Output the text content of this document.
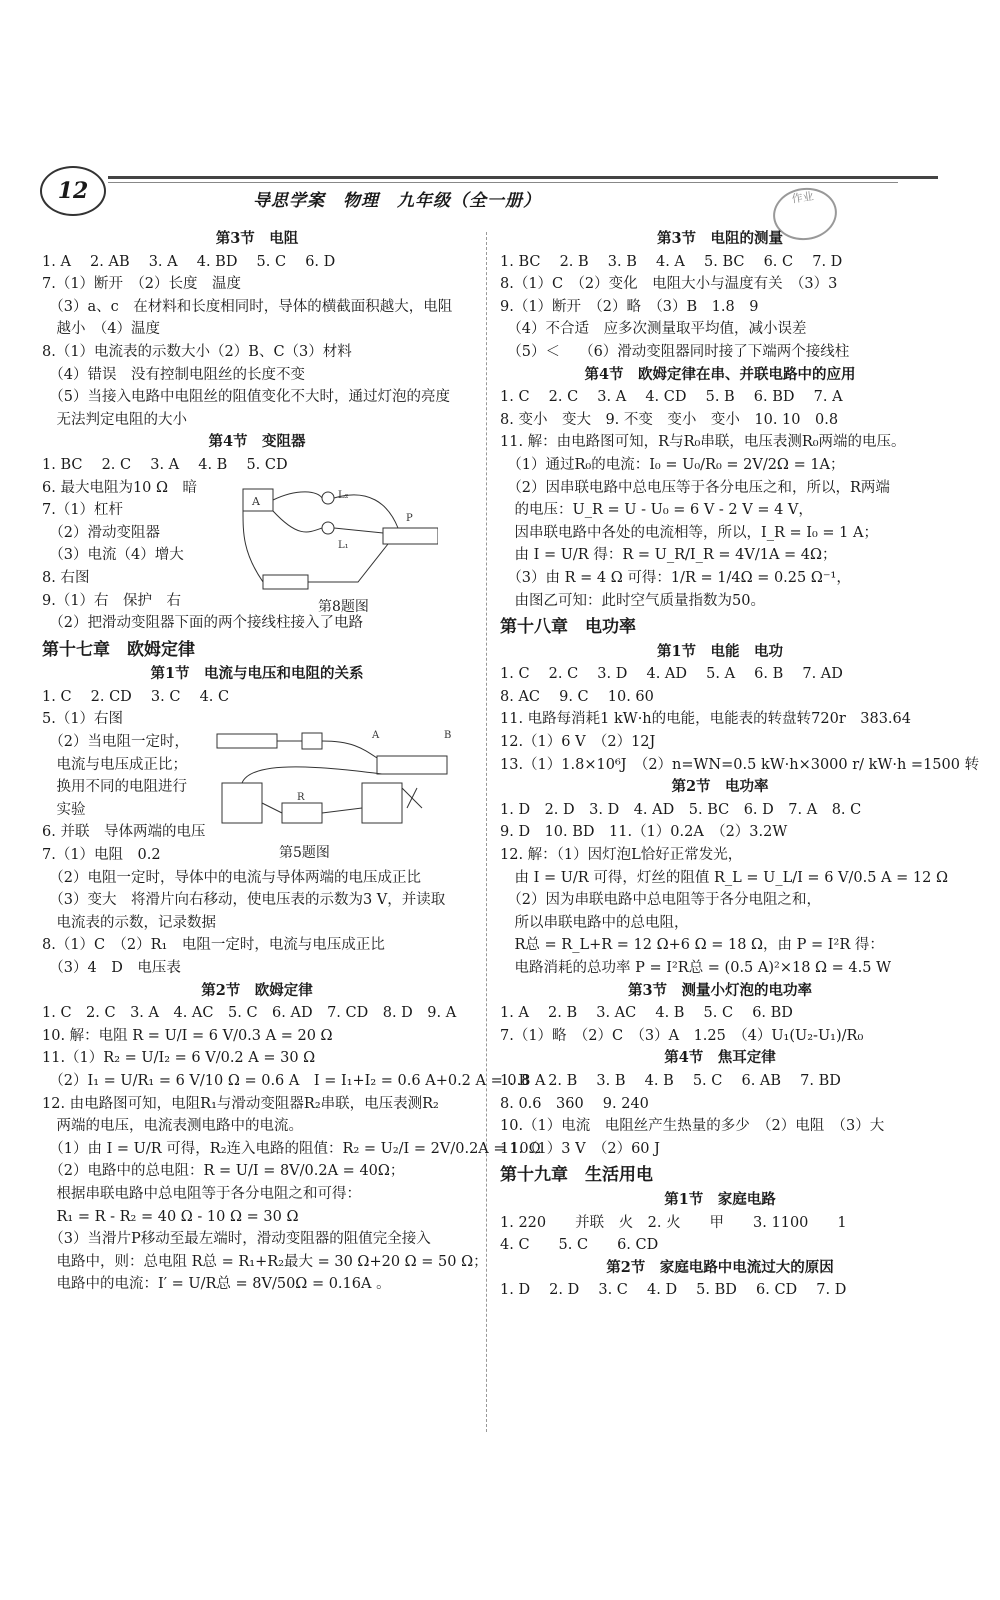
12	导思学案　物理　九年级（全一册）	作业
第3节　电阻
1. A　 2. AB　 3. A　 4. BD　 5. C　 6. D
7.（1）断开　（2）长度　温度
　（3）a、c　在材料和长度相同时，导体的横截面积越大，电阻
　越小　（4）温度
8.（1）电流表的示数大小（2）B、C（3）材料
　（4）错误　没有控制电阻丝的长度不变
　（5）当接入电路中电阻丝的阻值变化不大时，通过灯泡的亮度
　无法判定电阻的大小
第4节　变阻器
1. BC　 2. C　 3. A　 4. B　 5. CD
6. 最大电阻为10 Ω　暗
7.（1）杠杆
　（2）滑动变阻器
　（3）电流（4）增大
8. 右图
9.（1）右　保护　右
　（2）把滑动变阻器下面的两个接线柱接入了电路
第十七章　欧姆定律
第1节　电流与电压和电阻的关系
1. C　 2. CD　 3. C　 4. C
5.（1）右图
　（2）当电阻一定时，
　电流与电压成正比；
　换用不同的电阻进行
　实验
6. 并联　导体两端的电压
7.（1）电阻　0.2
　（2）电阻一定时，导体中的电流与导体两端的电压成正比
　（3）变大　将滑片向右移动，使电压表的示数为3 V，并读取
　电流表的示数，记录数据
8.（1）C　（2）R₁　电阻一定时，电流与电压成正比
　（3）4　D　电压表
第2节　欧姆定律
1. C　2. C　3. A　4. AC　5. C　6. AD　7. CD　8. D　9. A
10. 解：电阻 R = U/I = 6 V/0.3 A = 20 Ω
11.（1）R₂ = U/I₂ = 6 V/0.2 A = 30 Ω
　（2）I₁ = U/R₁ = 6 V/10 Ω = 0.6 A　I = I₁+I₂ = 0.6 A+0.2 A = 0.8 A
12. 由电路图可知，电阻R₁与滑动变阻器R₂串联，电压表测R₂
　两端的电压，电流表测电路中的电流。
　（1）由 I = U/R 可得，R₂连入电路的阻值：R₂ = U₂/I = 2V/0.2A = 10Ω
　（2）电路中的总电阻：R = U/I = 8V/0.2A = 40Ω；
　根据串联电路中总电阻等于各分电阻之和可得：
　R₁ = R - R₂ = 40 Ω - 10 Ω = 30 Ω
　（3）当滑片P移动至最左端时，滑动变阻器的阻值完全接入
　电路中，则：总电阻 R总 = R₁+R₂最大 = 30 Ω+20 Ω = 50 Ω；
　电路中的电流：I′ = U/R总 = 8V/50Ω = 0.16A 。
第3节　电阻的测量
1. BC　 2. B　 3. B　 4. A　 5. BC　 6. C　 7. D
8.（1）C　（2）变化　电阻大小与温度有关　（3）3
9.（1）断开　（2）略　（3）B　1.8　9
　（4）不合适　应多次测量取平均值，减小误差
　（5）＜　 （6）滑动变阻器同时接了下端两个接线柱
第4节　欧姆定律在串、并联电路中的应用
1. C　 2. C　 3. A　 4. CD　 5. B　 6. BD　 7. A
8. 变小　变大　9. 不变　变小　变小　10. 10　0.8
11. 解：由电路图可知，R与R₀串联，电压表测R₀两端的电压。
　（1）通过R₀的电流：I₀ = U₀/R₀ = 2V/2Ω = 1A；
　（2）因串联电路中总电压等于各分电压之和，所以，R两端
　的电压：U_R = U - U₀ = 6 V - 2 V = 4 V，
　因串联电路中各处的电流相等，所以，I_R = I₀ = 1 A；
　由 I = U/R 得：R = U_R/I_R = 4V/1A = 4Ω；
　（3）由 R = 4 Ω 可得：1/R = 1/4Ω = 0.25 Ω⁻¹，
　由图乙可知：此时空气质量指数为50。
第十八章　电功率
第1节　电能　电功
1. C　 2. C　 3. D　 4. AD　 5. A　 6. B　 7. AD
8. AC　 9. C　 10. 60
11. 电路每消耗1 kW·h的电能，电能表的转盘转720r　383.64
12.（1）6 V　（2）12J
13.（1）1.8×10⁶J　（2）n=WN=0.5 kW·h×3000 r/ kW·h =1500 转
第2节　电功率
1. D　2. D　3. D　4. AD　5. BC　6. D　7. A　8. C
9. D　10. BD　11.（1）0.2A　（2）3.2W
12. 解：（1）因灯泡L恰好正常发光，
　由 I = U/R 可得，灯丝的阻值 R_L = U_L/I = 6 V/0.5 A = 12 Ω
　（2）因为串联电路中总电阻等于各分电阻之和，
　所以串联电路中的总电阻，
　R总 = R_L+R = 12 Ω+6 Ω = 18 Ω，由 P = I²R 得：
　电路消耗的总功率 P = I²R总 = (0.5 A)²×18 Ω = 4.5 W
第3节　测量小灯泡的电功率
1. A　 2. B　 3. AC　 4. B　 5. C　 6. BD
7.（1）略　（2）C　（3）A　1.25　（4）U₁(U₂-U₁)/R₀
第4节　焦耳定律
1. B　 2. B　 3. B　 4. B　 5. C　 6. AB　 7. BD
8. 0.6　360　 9. 240
10.（1）电流　电阻丝产生热量的多少　（2）电阻　（3）大
11.（1）3 V　（2）60 J
第十九章　生活用电
第1节　家庭电路
1. 220　　并联　火　2. 火　　甲　　3. 1100　　1
4. C　　5. C　　6. CD
第2节　家庭电路中电流过大的原因
1. D　 2. D　 3. C　 4. D　 5. BD　 6. CD　 7. D
A	L₂
L₁
P
第8题图
A	B
R
第5题图
